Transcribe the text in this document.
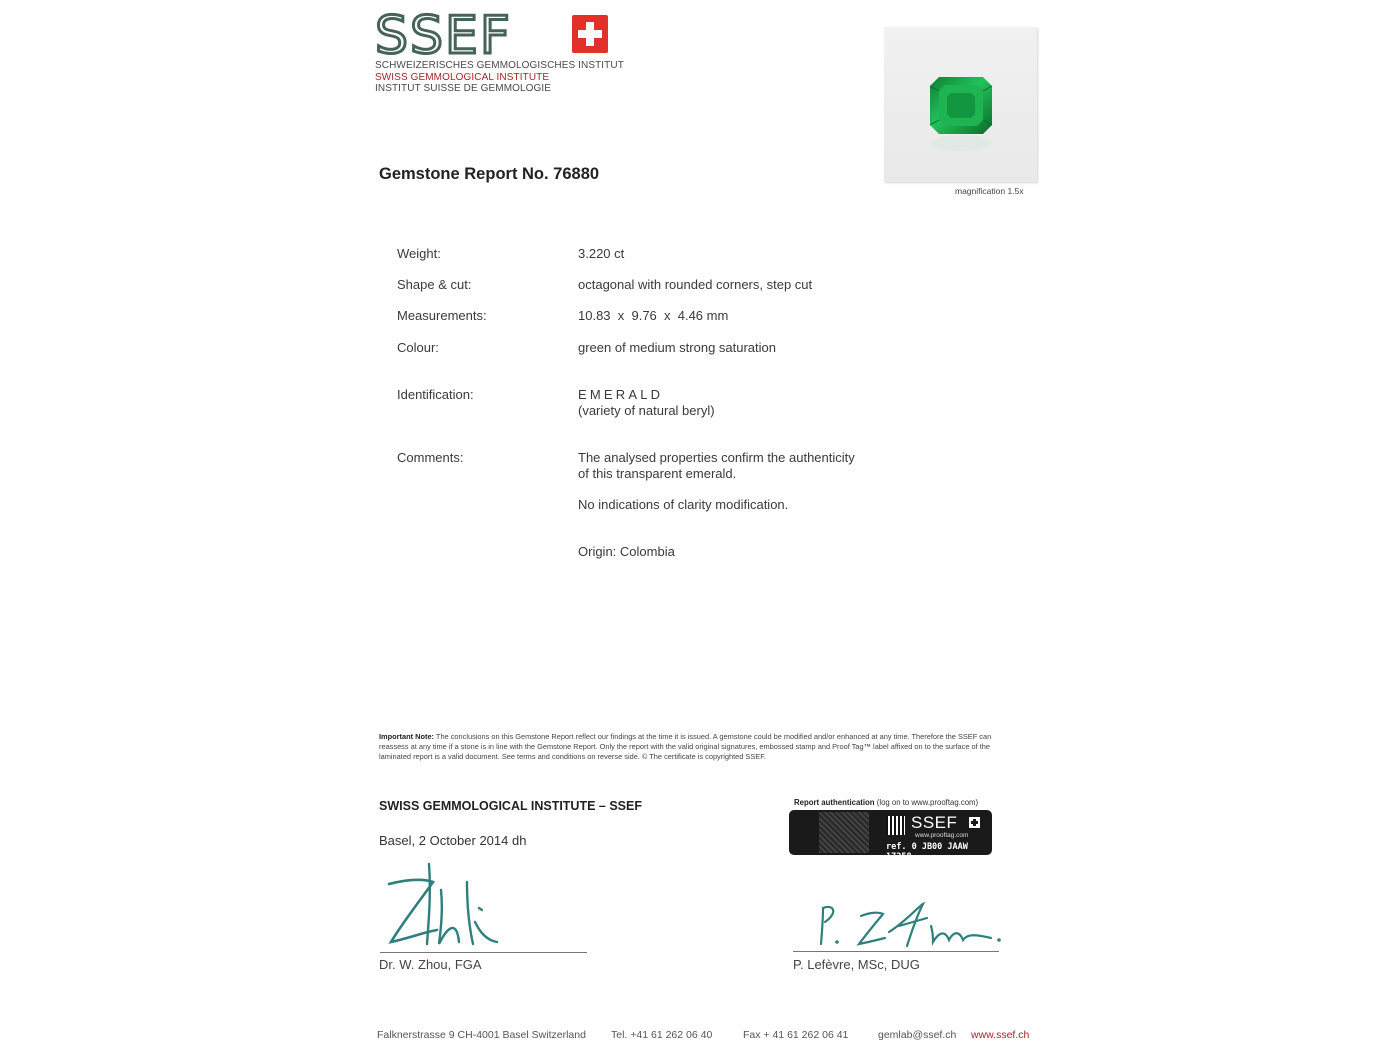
SSEF
SCHWEIZERISCHES GEMMOLOGISCHES INSTITUT
SWISS GEMMOLOGICAL INSTITUTE
INSTITUT SUISSE DE GEMMOLOGIE
Gemstone Report No. 76880
magnification 1.5x
Weight:	3.220 ct
Shape & cut:	octagonal with rounded corners, step cut
Measurements:	10.83  x  9.76  x  4.46 mm
Colour:	green of medium strong saturation
Identification:	EMERALD
(variety of natural beryl)
Comments:	The analysed properties confirm the authenticity
of this transparent emerald.
No indications of clarity modification.
Origin: Colombia
Important Note: The conclusions on this Gemstone Report reflect our findings at the time it is issued. A gemstone could be modified and/or enhanced at any time. Therefore the SSEF can reassess at any time if a stone is in line with the Gemstone Report. Only the report with the valid original signatures, embossed stamp and Proof Tag™ label affixed on to the surface of the laminated report is a valid document. See terms and conditions on reverse side. © The certificate is copyrighted SSEF.
SWISS GEMMOLOGICAL INSTITUTE – SSEF
Basel, 2 October 2014 dh
Report authentication (log on to www.prooftag.com)
SSEF
www.prooftag.com
ref. 0 JB00 JAAW 17258
Dr. W. Zhou, FGA	P. Lefèvre, MSc, DUG
Falknerstrasse 9 CH-4001 Basel Switzerland Tel. +41 61 262 06 40	Fax + 41 61 262 06 41	gemlab@ssef.ch www.ssef.ch
